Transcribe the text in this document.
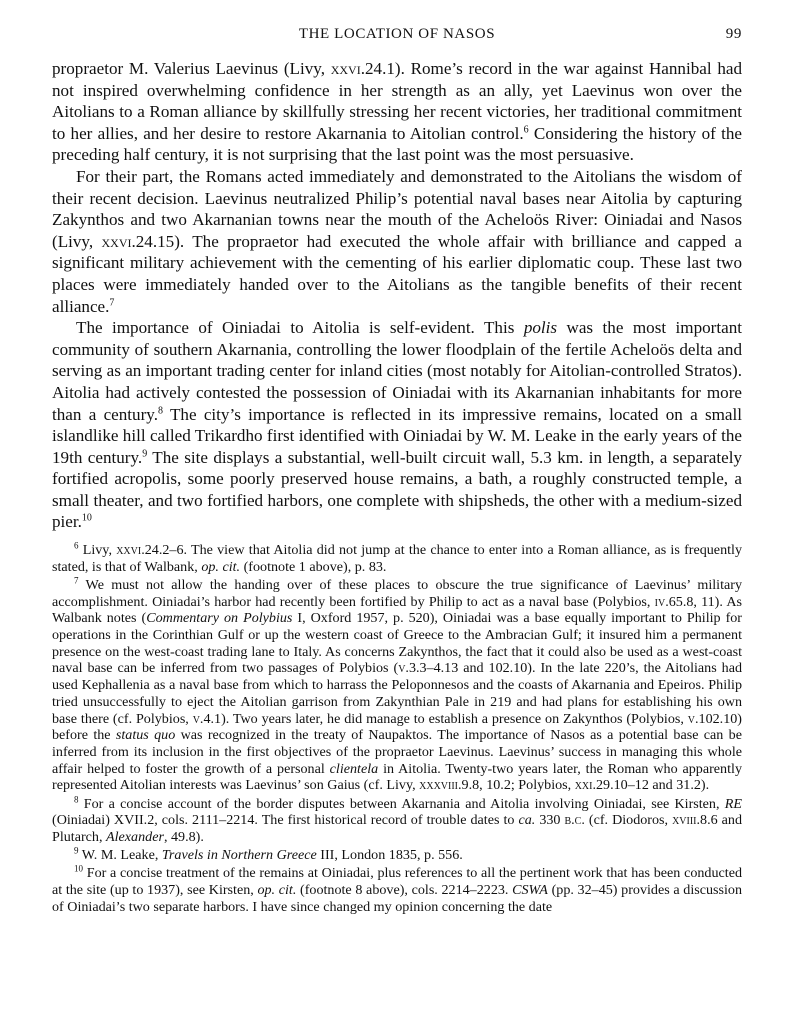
THE LOCATION OF NASOS	99

propraetor M. Valerius Laevinus (Livy, xxvi.24.1). Rome’s record in the war against Hannibal had not inspired overwhelming confidence in her strength as an ally, yet Laevinus won over the Aitolians to a Roman alliance by skillfully stressing her recent victories, her traditional commitment to her allies, and her desire to restore Akarnania to Aitolian control.$^6$ Considering the history of the preceding half century, it is not surprising that the last point was the most persuasive.

For their part, the Romans acted immediately and demonstrated to the Aitolians the wisdom of their recent decision. Laevinus neutralized Philip’s potential naval bases near Aitolia by capturing Zakynthos and two Akarnanian towns near the mouth of the Acheloös River: Oiniadai and Nasos (Livy, xxvi.24.15). The propraetor had executed the whole affair with brilliance and capped a significant military achievement with the cementing of his earlier diplomatic coup. These last two places were immediately handed over to the Aitolians as the tangible benefits of their recent alliance.$^7$

The importance of Oiniadai to Aitolia is self-evident. This polis was the most important community of southern Akarnania, controlling the lower floodplain of the fertile Acheloös delta and serving as an important trading center for inland cities (most notably for Aitolian-controlled Stratos). Aitolia had actively contested the possession of Oiniadai with its Akarnanian inhabitants for more than a century.$^8$ The city’s importance is reflected in its impressive remains, located on a small islandlike hill called Trikardho first identified with Oiniadai by W. M. Leake in the early years of the 19th century.$^9$ The site displays a substantial, well-built circuit wall, 5.3 km. in length, a separately fortified acropolis, some poorly preserved house remains, a bath, a roughly constructed temple, a small theater, and two fortified harbors, one complete with shipsheds, the other with a medium-sized pier.$^{10}$

$^6$ Livy, xxvi.24.2–6. The view that Aitolia did not jump at the chance to enter into a Roman alliance, as is frequently stated, is that of Walbank, op. cit. (footnote 1 above), p. 83.

$^7$ We must not allow the handing over of these places to obscure the true significance of Laevinus’ military accomplishment. Oiniadai’s harbor had recently been fortified by Philip to act as a naval base (Polybios, iv.65.8, 11). As Walbank notes (Commentary on Polybius I, Oxford 1957, p. 520), Oiniadai was a base equally important to Philip for operations in the Corinthian Gulf or up the western coast of Greece to the Ambracian Gulf; it insured him a permanent presence on the west-coast trading lane to Italy. As concerns Zakynthos, the fact that it could also be used as a west-coast naval base can be inferred from two passages of Polybios (v.3.3–4.13 and 102.10). In the late 220’s, the Aitolians had used Kephallenia as a naval base from which to harrass the Peloponnesos and the coasts of Akarnania and Epeiros. Philip tried unsuccessfully to eject the Aitolian garrison from Zakynthian Pale in 219 and had plans for establishing his own base there (cf. Polybios, v.4.1). Two years later, he did manage to establish a presence on Zakynthos (Polybios, v.102.10) before the status quo was recognized in the treaty of Naupaktos. The importance of Nasos as a potential base can be inferred from its inclusion in the first objectives of the propraetor Laevinus. Laevinus’ success in managing this whole affair helped to foster the growth of a personal clientela in Aitolia. Twenty-two years later, the Roman who apparently represented Aitolian interests was Laevinus’ son Gaius (cf. Livy, xxxviii.9.8, 10.2; Polybios, xxi.29.10–12 and 31.2).

$^8$ For a concise account of the border disputes between Akarnania and Aitolia involving Oiniadai, see Kirsten, RE (Oiniadai) XVII.2, cols. 2111–2214. The first historical record of trouble dates to ca. 330 b.c. (cf. Diodoros, xviii.8.6 and Plutarch, Alexander, 49.8).

$^9$ W. M. Leake, Travels in Northern Greece III, London 1835, p. 556.

$^{10}$ For a concise treatment of the remains at Oiniadai, plus references to all the pertinent work that has been conducted at the site (up to 1937), see Kirsten, op. cit. (footnote 8 above), cols. 2214–2223. CSWA (pp. 32–45) provides a discussion of Oiniadai’s two separate harbors. I have since changed my opinion concerning the date
